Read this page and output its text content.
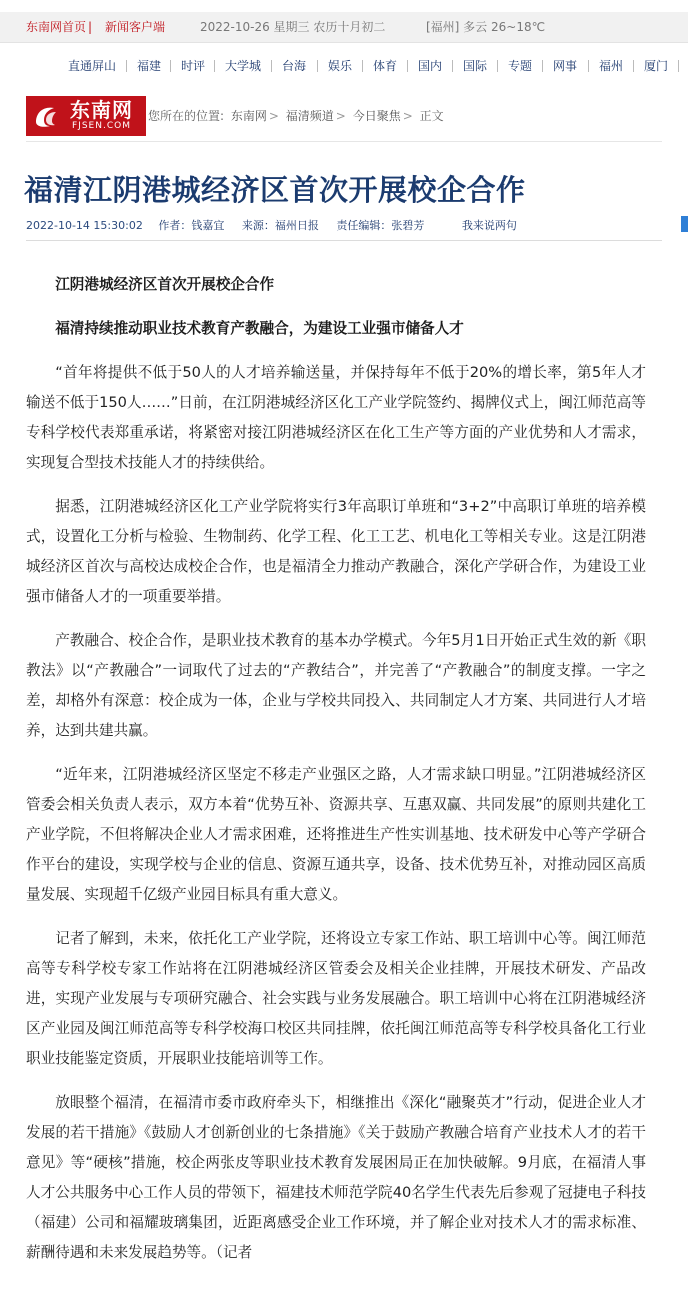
东南网首页 | 新闻客户端	2022-10-26 星期三 农历十月初二	[福州] 多云 26~18℃
直通屏山 福建 时评 大学城 台海 娱乐 体育 国内 国际 专题 网事 福州 厦门
东南网
FJSEN.COM
您所在的位置: 东南网 > 福清频道 > 今日聚焦 > 正文
福清江阴港城经济区首次开展校企合作
2022-10-14 15:30:02 作者：钱嘉宜 来源：福州日报 责任编辑：张碧芳	我来说两句

江阴港城经济区首次开展校企合作

福清持续推动职业技术教育产教融合，为建设工业强市储备人才

“首年将提供不低于50人的人才培养输送量，并保持每年不低于20%的增长率，第5年人才输送不低于150人……”日前，在江阴港城经济区化工产业学院签约、揭牌仪式上，闽江师范高等专科学校代表郑重承诺，将紧密对接江阴港城经济区在化工生产等方面的产业优势和人才需求，实现复合型技术技能人才的持续供给。

据悉，江阴港城经济区化工产业学院将实行3年高职订单班和“3+2”中高职订单班的培养模式，设置化工分析与检验、生物制药、化学工程、化工工艺、机电化工等相关专业。这是江阴港城经济区首次与高校达成校企合作，也是福清全力推动产教融合，深化产学研合作，为建设工业强市储备人才的一项重要举措。

产教融合、校企合作，是职业技术教育的基本办学模式。今年5月1日开始正式生效的新《职教法》以“产教融合”一词取代了过去的“产教结合”，并完善了“产教融合”的制度支撑。一字之差，却格外有深意：校企成为一体，企业与学校共同投入、共同制定人才方案、共同进行人才培养，达到共建共赢。

“近年来，江阴港城经济区坚定不移走产业强区之路，人才需求缺口明显。”江阴港城经济区管委会相关负责人表示，双方本着“优势互补、资源共享、互惠双赢、共同发展”的原则共建化工产业学院，不但将解决企业人才需求困难，还将推进生产性实训基地、技术研发中心等产学研合作平台的建设，实现学校与企业的信息、资源互通共享，设备、技术优势互补，对推动园区高质量发展、实现超千亿级产业园目标具有重大意义。

记者了解到，未来，依托化工产业学院，还将设立专家工作站、职工培训中心等。闽江师范高等专科学校专家工作站将在江阴港城经济区管委会及相关企业挂牌，开展技术研发、产品改进，实现产业发展与专项研究融合、社会实践与业务发展融合。职工培训中心将在江阴港城经济区产业园及闽江师范高等专科学校海口校区共同挂牌，依托闽江师范高等专科学校具备化工行业职业技能鉴定资质，开展职业技能培训等工作。

放眼整个福清，在福清市委市政府牵头下，相继推出《深化“融聚英才”行动，促进企业人才发展的若干措施》《鼓励人才创新创业的七条措施》《关于鼓励产教融合培育产业技术人才的若干意见》等“硬核”措施，校企两张皮等职业技术教育发展困局正在加快破解。9月底，在福清人事人才公共服务中心工作人员的带领下，福建技术师范学院40名学生代表先后参观了冠捷电子科技（福建）公司和福耀玻璃集团，近距离感受企业工作环境，并了解企业对技术人才的需求标准、薪酬待遇和未来发展趋势等。（记者
